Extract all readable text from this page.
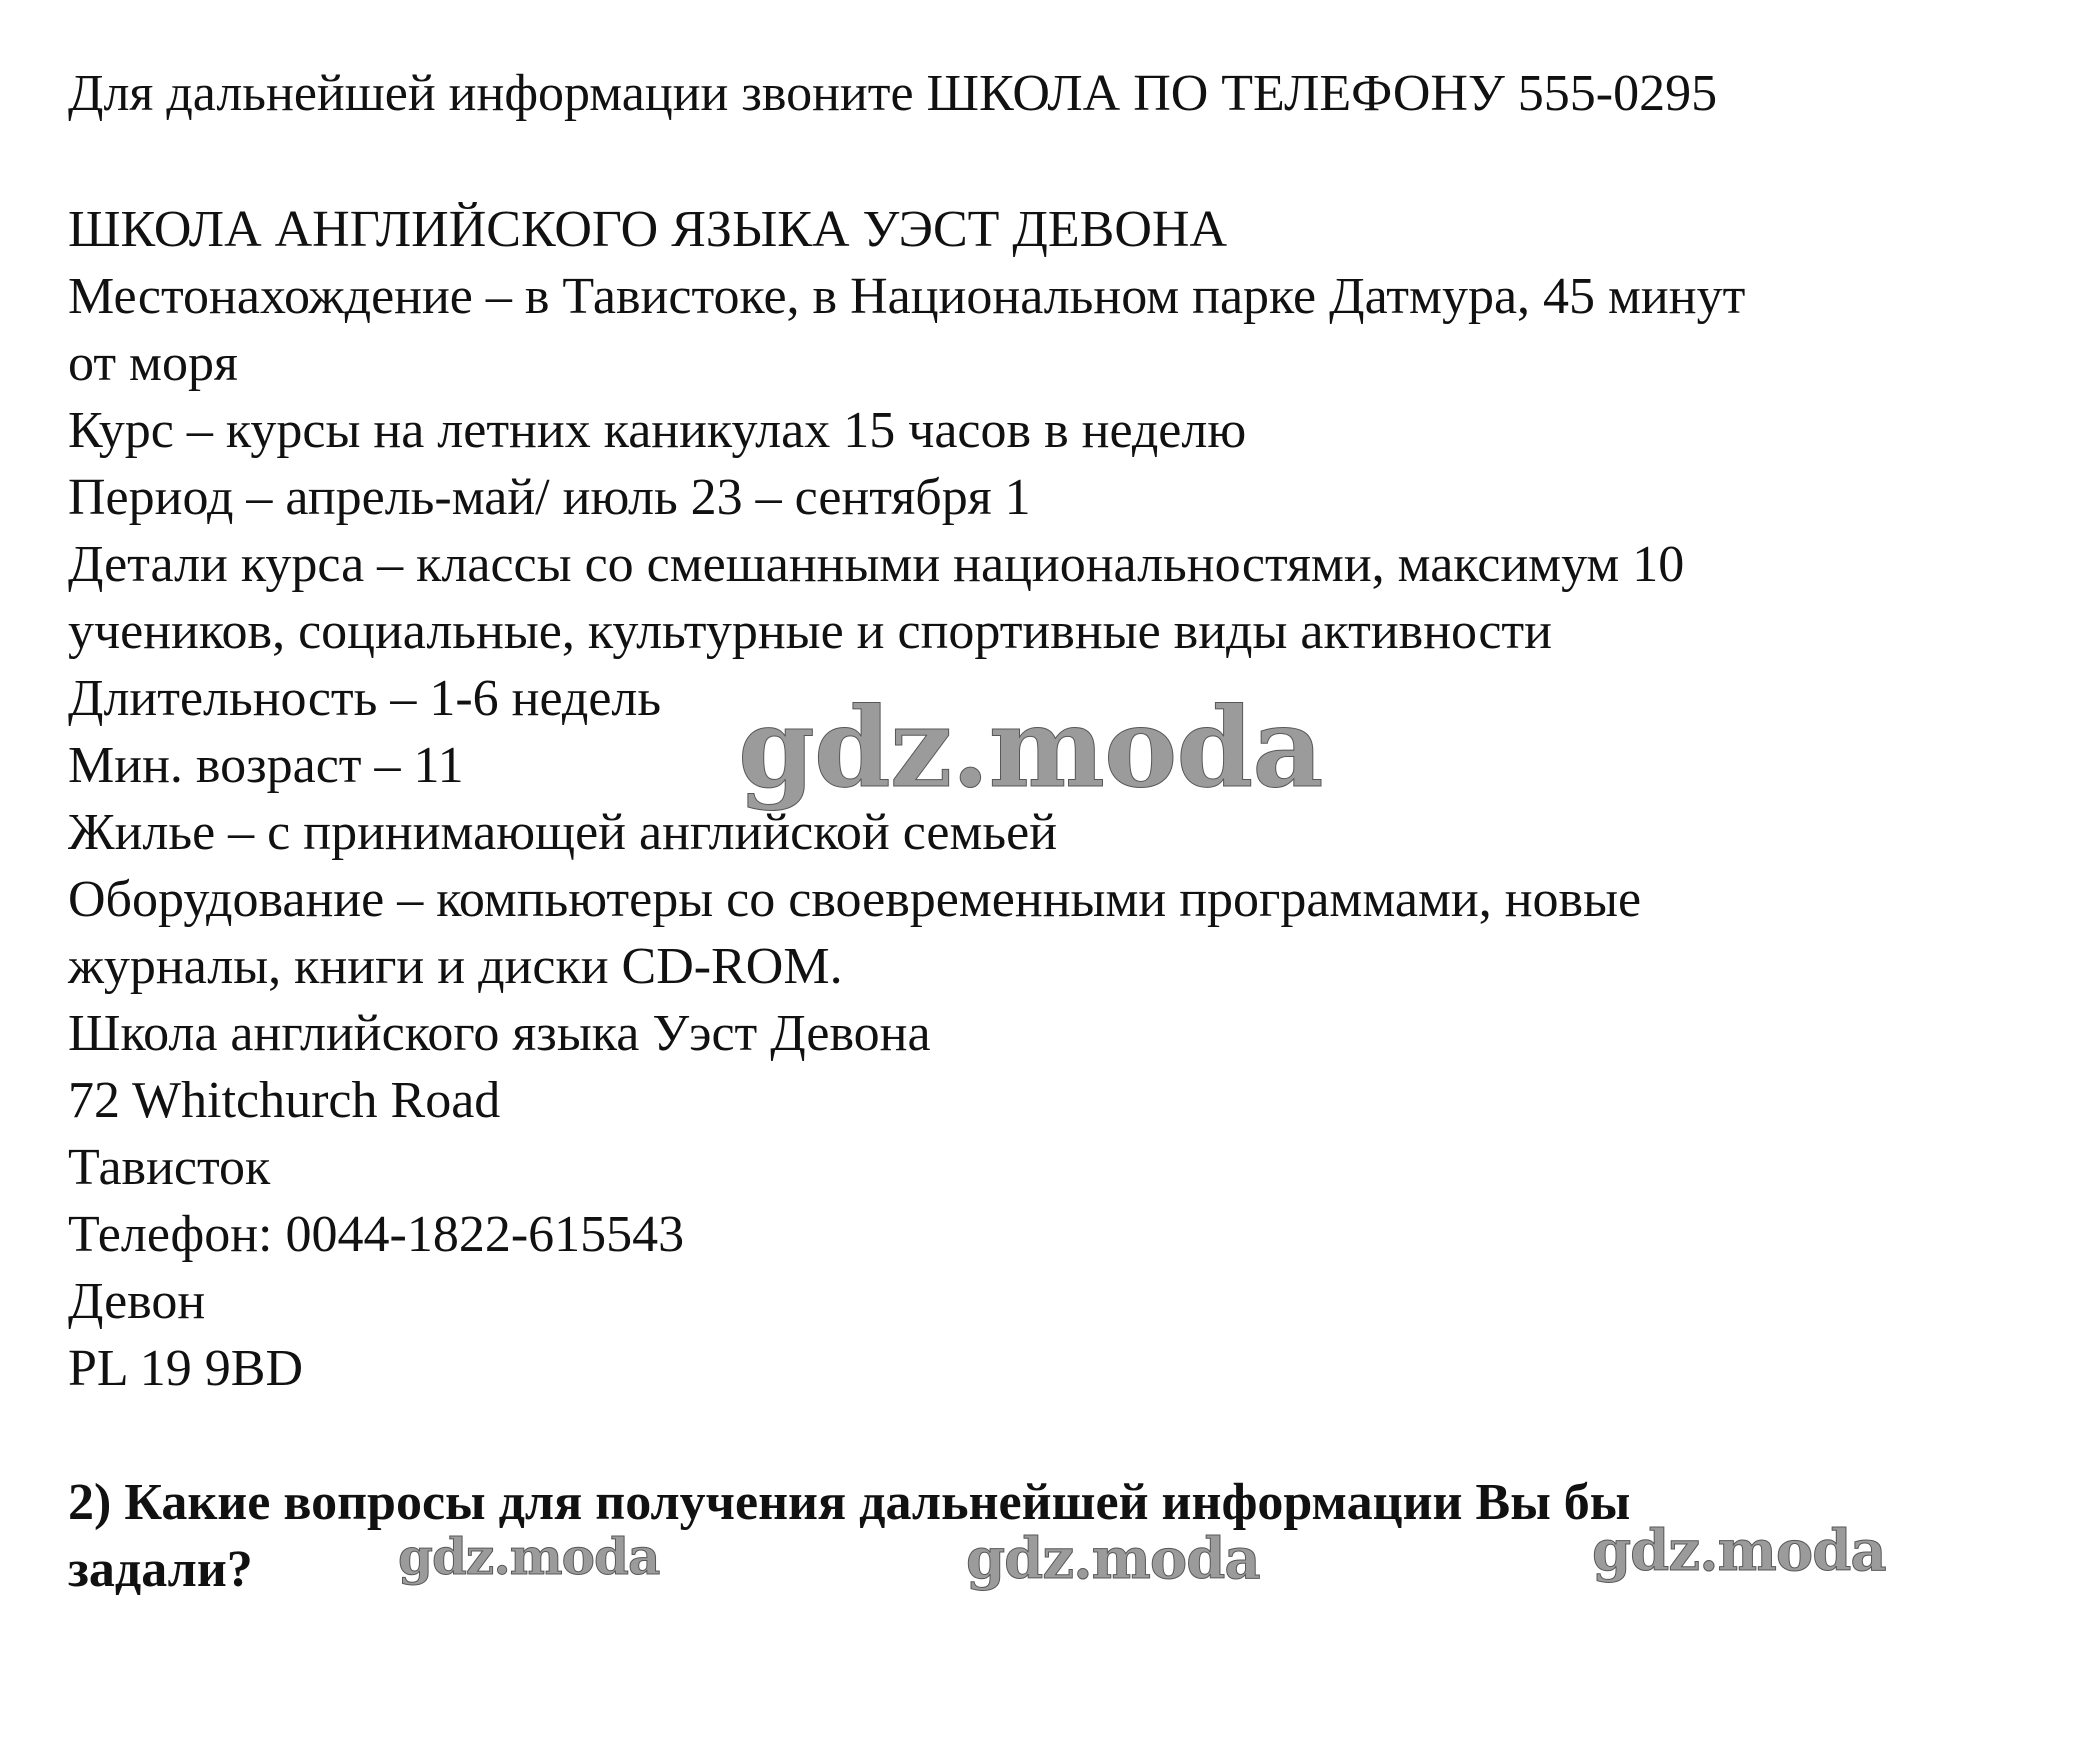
Для дальнейшей информации звоните ШКОЛА ПО ТЕЛЕФОНУ 555-0295
ШКОЛА АНГЛИЙСКОГО ЯЗЫКА УЭСТ ДЕВОНА
Местонахождение – в Тавистоке, в Национальном парке Датмура, 45 минут
от моря
Курс – курсы на летних каникулах 15 часов в неделю
Период – апрель-май/ июль 23 – сентября 1
Детали курса – классы со смешанными национальностями, максимум 10
учеников, социальные, культурные и спортивные виды активности
Длительность – 1-6 недель
Мин. возраст – 11
Жилье – с принимающей английской семьей
Оборудование – компьютеры со своевременными программами, новые
журналы, книги и диски CD-ROM.
Школа английского языка Уэст Девона
72 Whitchurch Road
Тависток
Телефон: 0044-1822-615543
Девон
PL 19 9BD
2) Какие вопросы для получения дальнейшей информации Вы бы
задали?
gdz.moda
gdz.moda	gdz.moda	gdz.moda
